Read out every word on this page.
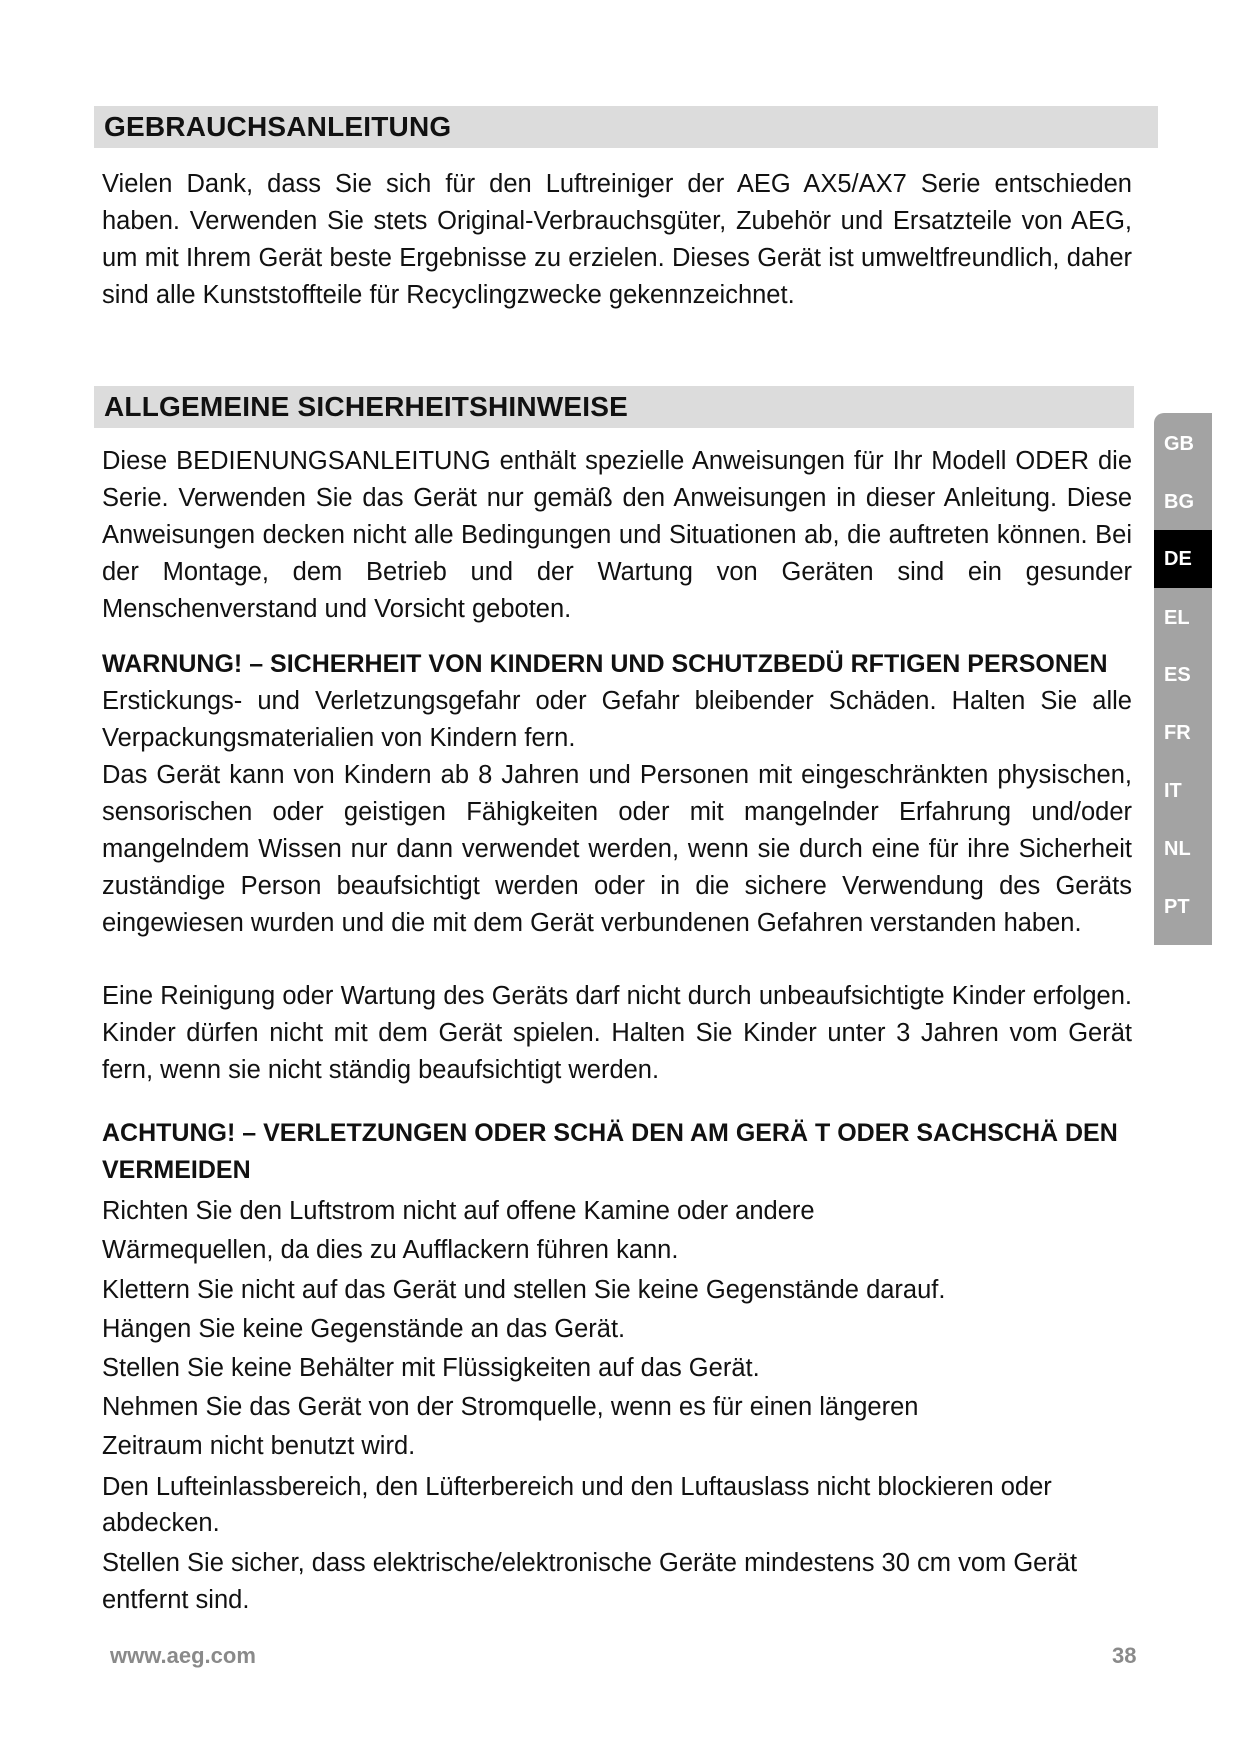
GEBRAUCHSANLEITUNG

Vielen Dank, dass Sie sich für den Luftreiniger der AEG AX5/AX7 Serie entschieden haben. Verwenden Sie stets Original-Verbrauchsgüter, Zubehör und Ersatzteile von AEG, um mit Ihrem Gerät beste Ergebnisse zu erzielen. Dieses Gerät ist umweltfreundlich, daher sind alle Kunststoffteile für Recyclingzwecke gekennzeichnet.

ALLGEMEINE SICHERHEITSHINWEISE

Diese BEDIENUNGSANLEITUNG enthält spezielle Anweisungen für Ihr Modell ODER die Serie. Verwenden Sie das Gerät nur gemäß den Anweisungen in dieser Anleitung. Diese Anweisungen decken nicht alle Bedingungen und Situationen ab, die auftreten können. Bei der Montage, dem Betrieb und der Wartung von Geräten sind ein gesunder Menschenverstand und Vorsicht geboten.

WARNUNG! – SICHERHEIT VON KINDERN UND SCHUTZBEDÜ RFTIGEN PERSONEN

Erstickungs- und Verletzungsgefahr oder Gefahr bleibender Schäden. Halten Sie alle Verpackungsmaterialien von Kindern fern.

Das Gerät kann von Kindern ab 8 Jahren und Personen mit eingeschränkten physischen, sensorischen oder geistigen Fähigkeiten oder mit mangelnder Erfahrung und/oder mangelndem Wissen nur dann verwendet werden, wenn sie durch eine für ihre Sicherheit zuständige Person beaufsichtigt werden oder in die sichere Verwendung des Geräts eingewiesen wurden und die mit dem Gerät verbundenen Gefahren verstanden haben.

Eine Reinigung oder Wartung des Geräts darf nicht durch unbeaufsichtigte Kinder erfolgen. Kinder dürfen nicht mit dem Gerät spielen. Halten Sie Kinder unter 3 Jahren vom Gerät fern, wenn sie nicht ständig beaufsichtigt werden.

ACHTUNG! – VERLETZUNGEN ODER SCHÄ DEN AM GERÄ T ODER SACHSCHÄ DEN

VERMEIDEN

Richten Sie den Luftstrom nicht auf offene Kamine oder andere

Wärmequellen, da dies zu Aufflackern führen kann.

Klettern Sie nicht auf das Gerät und stellen Sie keine Gegenstände darauf.

Hängen Sie keine Gegenstände an das Gerät.

Stellen Sie keine Behälter mit Flüssigkeiten auf das Gerät.

Nehmen Sie das Gerät von der Stromquelle, wenn es für einen längeren

Zeitraum nicht benutzt wird.

Den Lufteinlassbereich, den Lüfterbereich und den Luftauslass nicht blockieren oder

abdecken.

Stellen Sie sicher, dass elektrische/elektronische Geräte mindestens 30 cm vom Gerät

entfernt sind.

GB
BG
DE
EL
ES
FR
IT
NL
PT
www.aeg.com	38
